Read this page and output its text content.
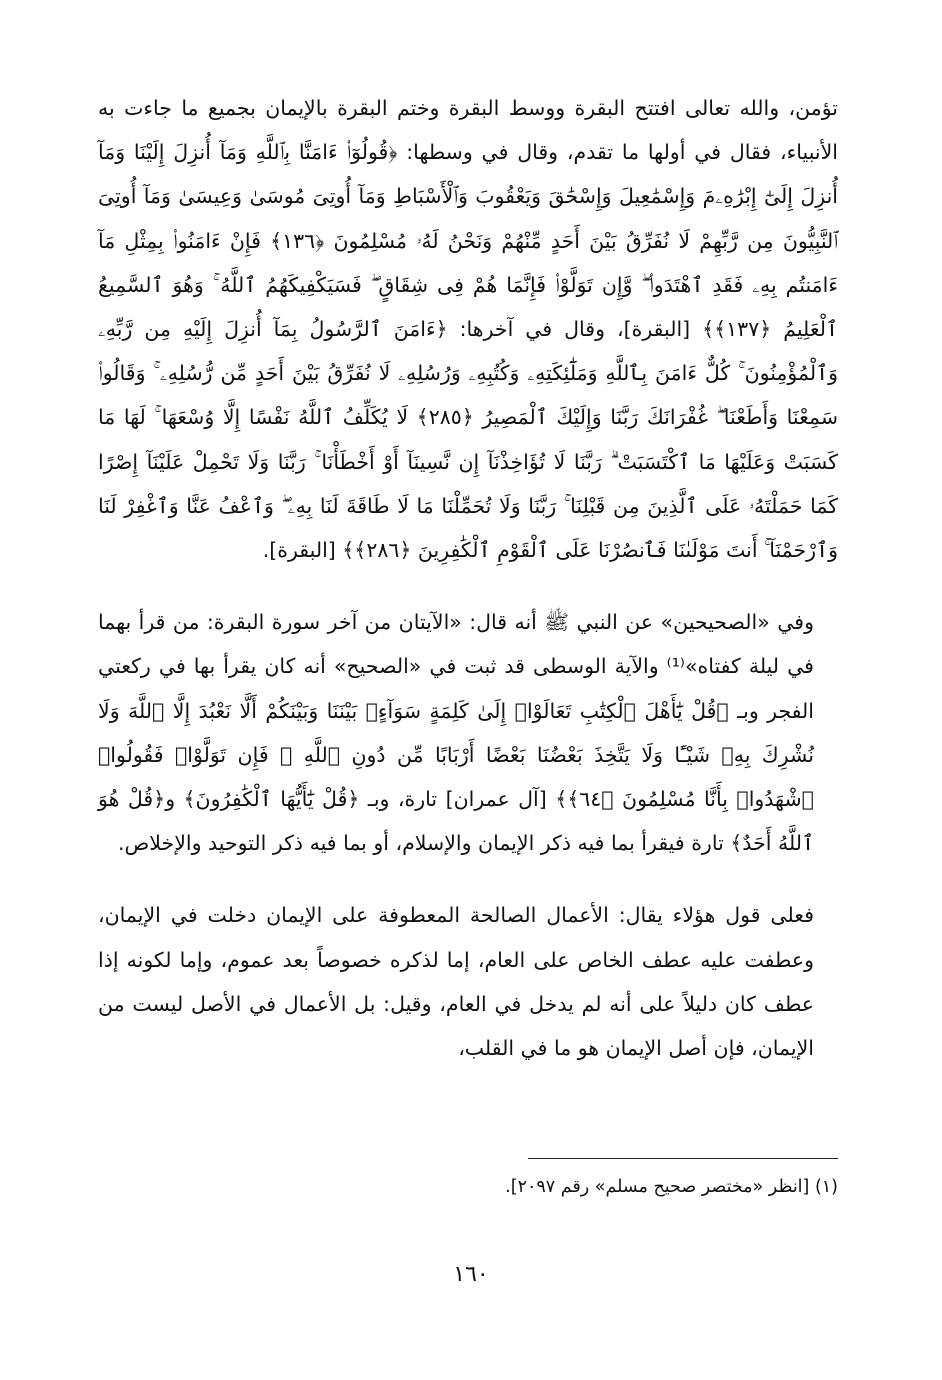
تؤمن، والله تعالى افتتح البقرة ووسط البقرة وختم البقرة بالإيمان بجميع ما جاءت به الأنبياء، فقال في أولها ما تقدم، وقال في وسطها: ﴿قُولُوٓا۟ ءَامَنَّا بِٱللَّهِ وَمَآ أُنزِلَ إِلَيْنَا وَمَآ أُنزِلَ إِلَىٰٓ إِبْرَٰهِۦمَ وَإِسْمَٰعِيلَ وَإِسْحَٰقَ وَيَعْقُوبَ وَٱلْأَسْبَاطِ وَمَآ أُوتِىَ مُوسَىٰ وَعِيسَىٰ وَمَآ أُوتِىَ ٱلنَّبِيُّونَ مِن رَّبِّهِمْ لَا نُفَرِّقُ بَيْنَ أَحَدٍ مِّنْهُمْ وَنَحْنُ لَهُۥ مُسْلِمُونَ ﴿١٣٦﴾ فَإِنْ ءَامَنُوا۟ بِمِثْلِ مَآ ءَامَنتُم بِهِۦ فَقَدِ ٱهْتَدَوا۟ ۖ وَّإِن تَوَلَّوْا۟ فَإِنَّمَا هُمْ فِى شِقَاقٍ ۖ فَسَيَكْفِيكَهُمُ ٱللَّهُ ۚ وَهُوَ ٱلسَّمِيعُ ٱلْعَلِيمُ ﴿١٣٧﴾﴾ [البقرة]، وقال في آخرها: ﴿ءَامَنَ ٱلرَّسُولُ بِمَآ أُنزِلَ إِلَيْهِ مِن رَّبِّهِۦ وَٱلْمُؤْمِنُونَ ۚ كُلٌّ ءَامَنَ بِٱللَّهِ وَمَلَٰٓئِكَتِهِۦ وَكُتُبِهِۦ وَرُسُلِهِۦ لَا نُفَرِّقُ بَيْنَ أَحَدٍ مِّن رُّسُلِهِۦ ۚ وَقَالُوا۟ سَمِعْنَا وَأَطَعْنَا ۖ غُفْرَانَكَ رَبَّنَا وَإِلَيْكَ ٱلْمَصِيرُ ﴿٢٨٥﴾ لَا يُكَلِّفُ ٱللَّهُ نَفْسًا إِلَّا وُسْعَهَا ۚ لَهَا مَا كَسَبَتْ وَعَلَيْهَا مَا ٱكْتَسَبَتْ ۗ رَبَّنَا لَا تُؤَاخِذْنَآ إِن نَّسِينَآ أَوْ أَخْطَأْنَا ۚ رَبَّنَا وَلَا تَحْمِلْ عَلَيْنَآ إِصْرًا كَمَا حَمَلْتَهُۥ عَلَى ٱلَّذِينَ مِن قَبْلِنَا ۚ رَبَّنَا وَلَا تُحَمِّلْنَا مَا لَا طَاقَةَ لَنَا بِهِۦ ۖ وَٱعْفُ عَنَّا وَٱغْفِرْ لَنَا وَٱرْحَمْنَآ ۚ أَنتَ مَوْلَىٰنَا فَٱنصُرْنَا عَلَى ٱلْقَوْمِ ٱلْكَٰفِرِينَ ﴿٢٨٦﴾﴾ [البقرة].

وفي «الصحيحين» عن النبي ﷺ أنه قال: «الآيتان من آخر سورة البقرة: من قرأ بهما في ليلة كفتاه»⁽¹⁾ والآية الوسطى قد ثبت في «الصحيح» أنه كان يقرأ بها في ركعتي الفجر وبـ ﴿قُلْ يَٰٓأَهْلَ ٱلْكِتَٰبِ تَعَالَوْا۟ إِلَىٰ كَلِمَةٍ سَوَآءٍۭ بَيْنَنَا وَبَيْنَكُمْ أَلَّا نَعْبُدَ إِلَّا ٱللَّهَ وَلَا نُشْرِكَ بِهِۦ شَيْـًٔا وَلَا يَتَّخِذَ بَعْضُنَا بَعْضًا أَرْبَابًا مِّن دُونِ ٱللَّهِ ۚ فَإِن تَوَلَّوْا۟ فَقُولُوا۟ ٱشْهَدُوا۟ بِأَنَّا مُسْلِمُونَ ﴿٦٤﴾﴾ [آل عمران] تارة، وبـ ﴿قُلْ يَٰٓأَيُّهَا ٱلْكَٰفِرُونَ﴾ و﴿قُلْ هُوَ ٱللَّهُ أَحَدٌ﴾ تارة فيقرأ بما فيه ذكر الإيمان والإسلام، أو بما فيه ذكر التوحيد والإخلاص.

فعلى قول هؤلاء يقال: الأعمال الصالحة المعطوفة على الإيمان دخلت في الإيمان، وعطفت عليه عطف الخاص على العام، إما لذكره خصوصاً بعد عموم، وإما لكونه إذا عطف كان دليلاً على أنه لم يدخل في العام، وقيل: بل الأعمال في الأصل ليست من الإيمان، فإن أصل الإيمان هو ما في القلب،

(١) [انظر «مختصر صحيح مسلم» رقم ٢٠٩٧].
١٦٠
